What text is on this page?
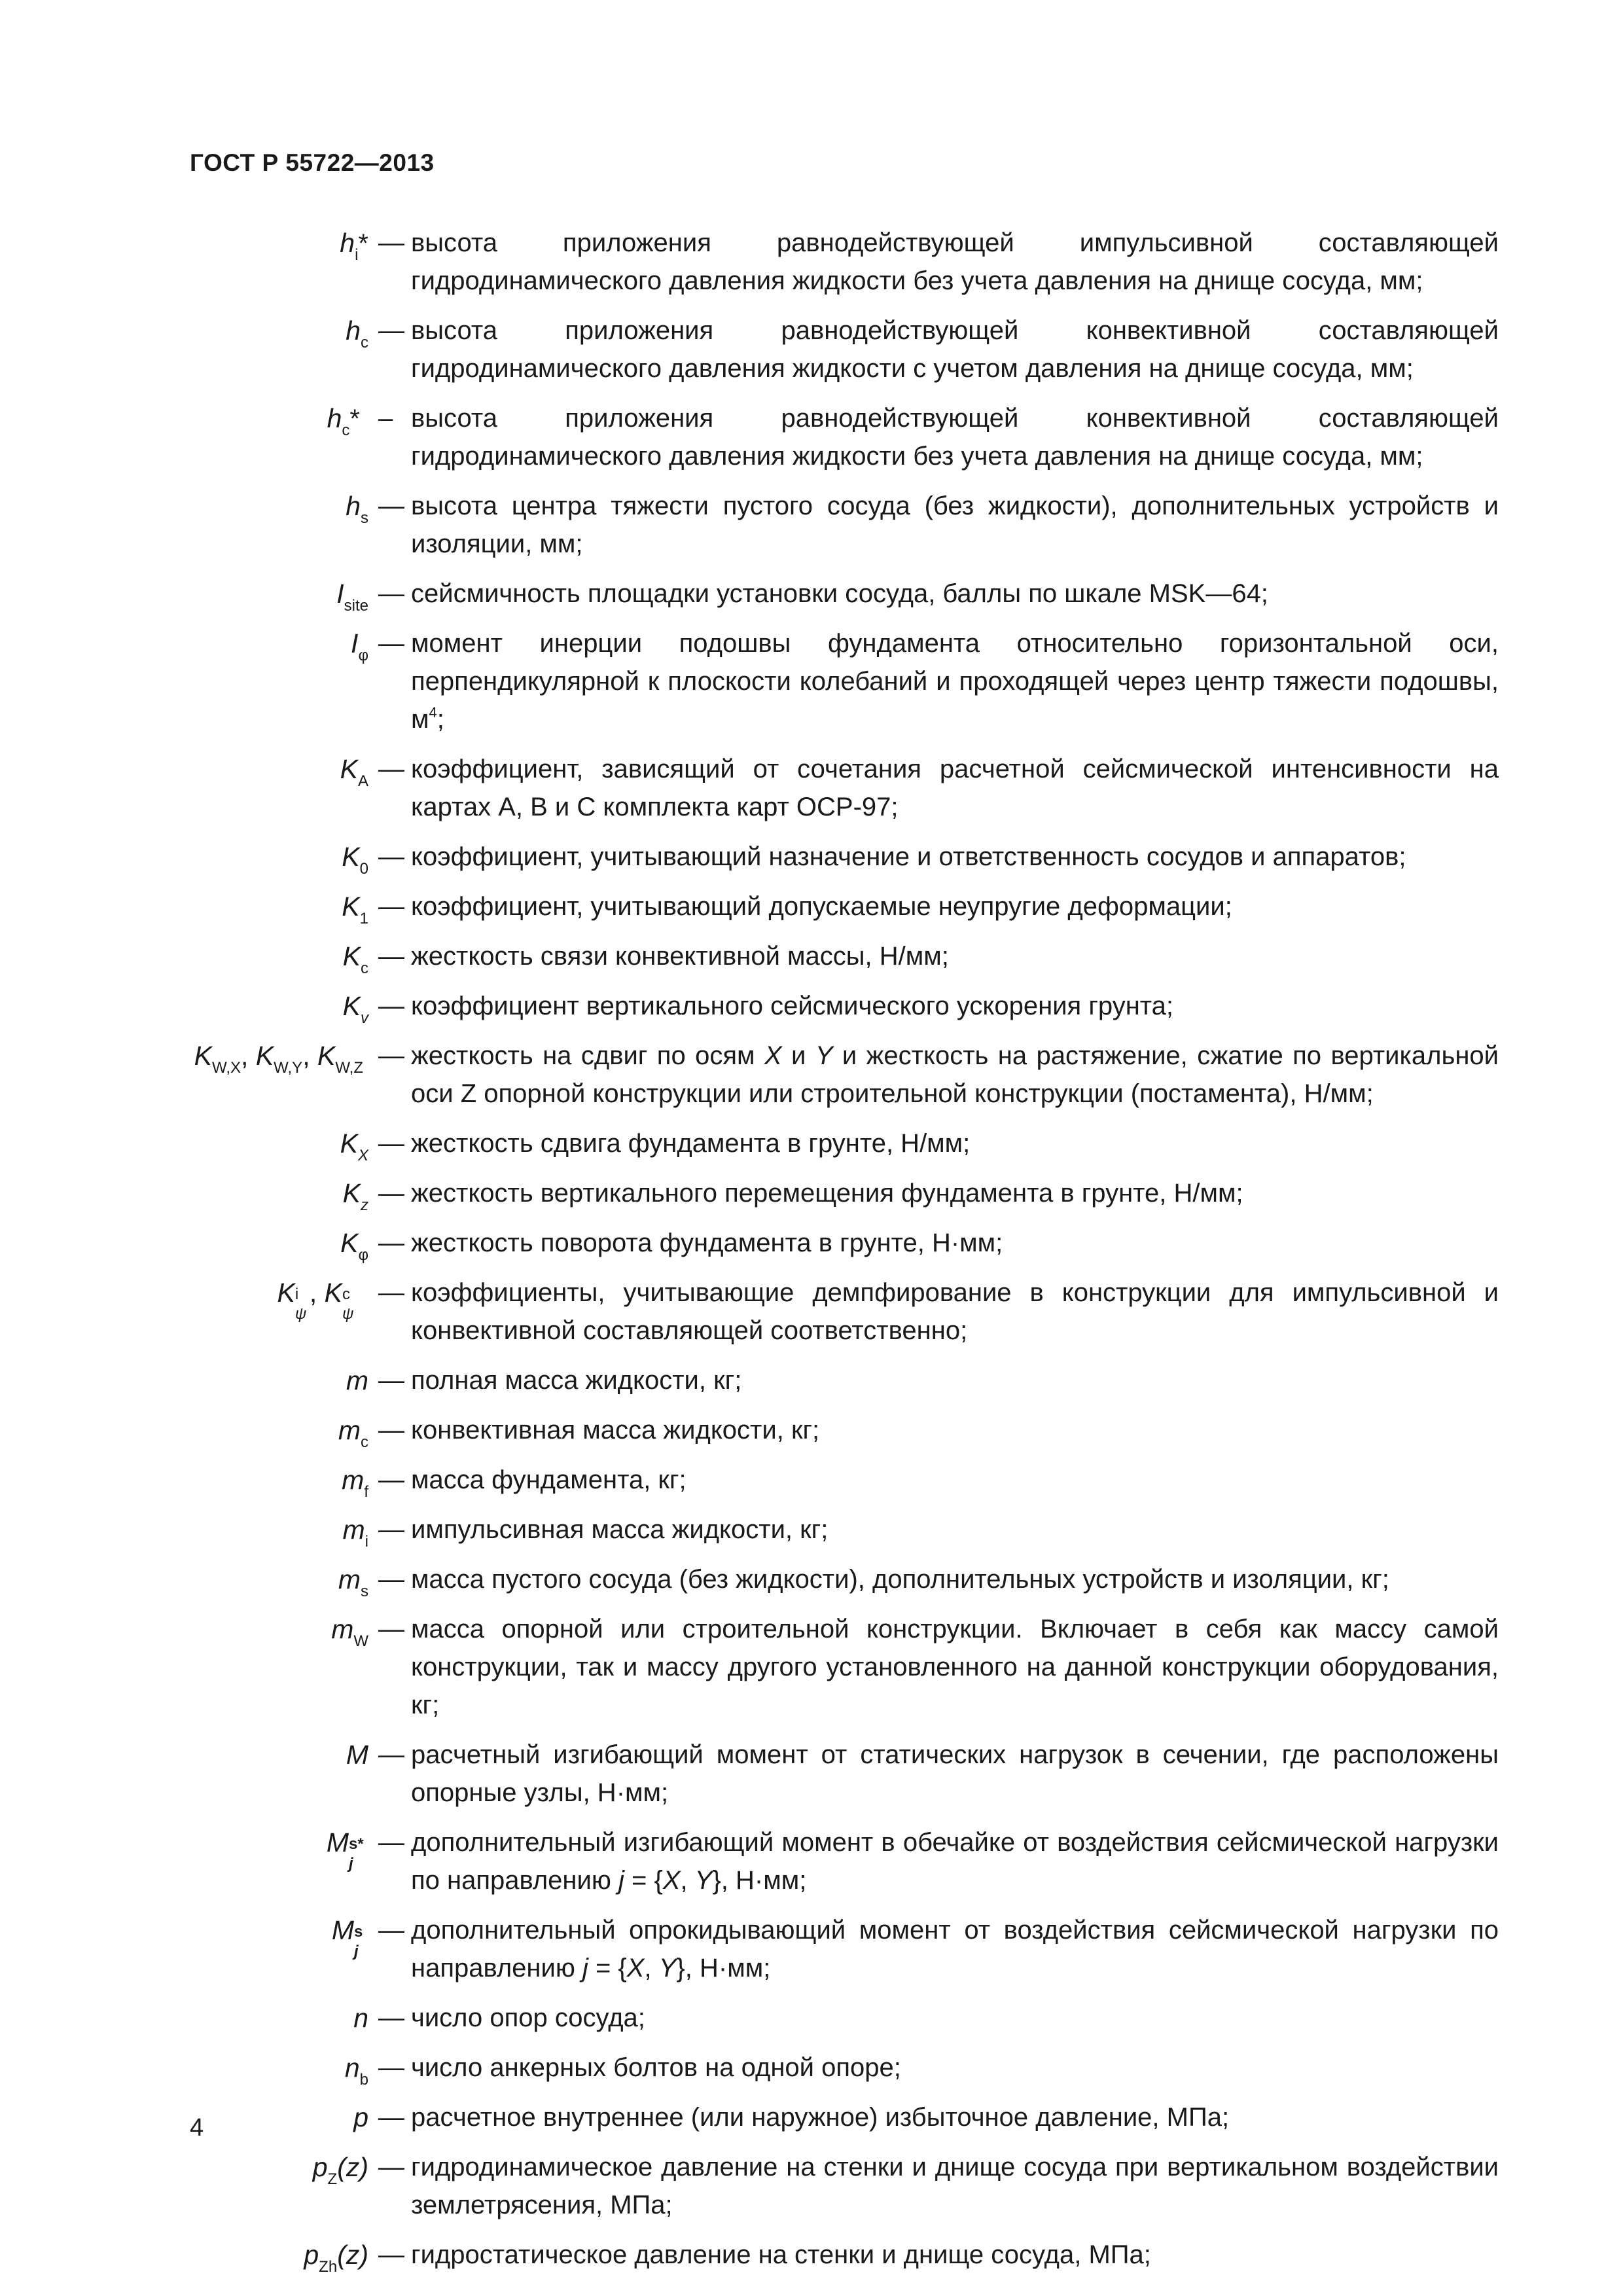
ГОСТ Р 55722—2013
$h_i*$ — высота приложения равнодействующей импульсивной составляющей гидродинамического давления жидкости без учета давления на днище сосуда, мм;
$h_c$ — высота приложения равнодействующей конвективной составляющей гидродинамического давления жидкости с учетом давления на днище сосуда, мм;
$h_c*$ – высота приложения равнодействующей конвективной составляющей гидродинамического давления жидкости без учета давления на днище сосуда, мм;
$h_s$ — высота центра тяжести пустого сосуда (без жидкости), дополнительных устройств и изоляции, мм;
$I_{site}$ — сейсмичность площадки установки сосуда, баллы по шкале MSK—64;
$I_\varphi$ — момент инерции подошвы фундамента относительно горизонтальной оси, перпендикулярной к плоскости колебаний и проходящей через центр тяжести подошвы, $м^4$;
$K_A$ — коэффициент, зависящий от сочетания расчетной сейсмической интенсивности на картах A, B и C комплекта карт ОСР-97;
$K_0$ — коэффициент, учитывающий назначение и ответственность сосудов и аппаратов;
$K_1$ — коэффициент, учитывающий допускаемые неупругие деформации;
$K_c$ — жесткость связи конвективной массы, Н/мм;
$K_v$ — коэффициент вертикального сейсмического ускорения грунта;
$K_{W,X}$, $K_{W,Y}$, $K_{W,Z}$ — жесткость на сдвиг по осям X и Y и жесткость на растяжение, сжатие по вертикальной оси Z опорной конструкции или строительной конструкции (постамента), Н/мм;
$K_X$ — жесткость сдвига фундамента в грунте, Н/мм;
$K_z$ — жесткость вертикального перемещения фундамента в грунте, Н/мм;
$K_\varphi$ — жесткость поворота фундамента в грунте, Н·мм;
K i
ψ
, K c
ψ
— коэффициенты, учитывающие демпфирование в конструкции для импульсивной и конвективной составляющей соответственно;
m — полная масса жидкости, кг;
$m_c$ — конвективная масса жидкости, кг;
$m_f$ — масса фундамента, кг;
$m_i$ — импульсивная масса жидкости, кг;
$m_s$ — масса пустого сосуда (без жидкости), дополнительных устройств и изоляции, кг;
$m_W$ — масса опорной или строительной конструкции. Включает в себя как массу самой конструкции, так и массу другого установленного на данной конструкции оборудования, кг;
M — расчетный изгибающий момент от статических нагрузок в сечении, где расположены опорные узлы, Н·мм;
M s*
j
— дополнительный изгибающий момент в обечайке от воздействия сейсмической нагрузки по направлению j = {X, Y}, Н·мм;
M s
j
— дополнительный опрокидывающий момент от воздействия сейсмической нагрузки по направлению j = {X, Y}, Н·мм;
n — число опор сосуда;
$n_b$ — число анкерных болтов на одной опоре;
p — расчетное внутреннее (или наружное) избыточное давление, МПа;
$p_Z(z)$ — гидродинамическое давление на стенки и днище сосуда при вертикальном воздействии землетрясения, МПа;
$p_{Zh}(z)$ — гидростатическое давление на стенки и днище сосуда, МПа;
4
